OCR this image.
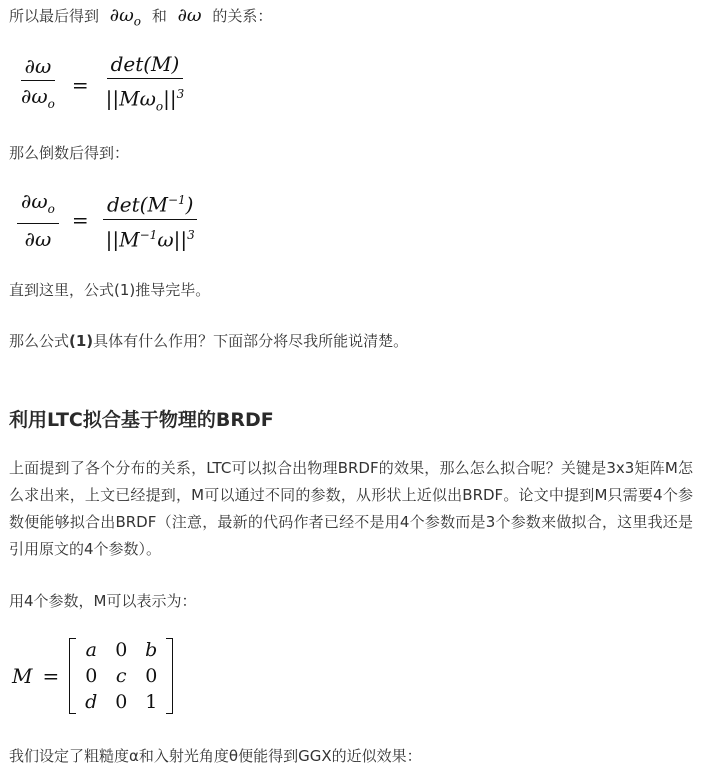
所以最后得到 $\partial\omega_o$ 和 ∂ω 的关系：

$\frac{\partial\omega}{\partial\omega_o} = \frac{\det(M)}{||M\omega_o||^3}$

那么倒数后得到：

$\frac{\partial\omega_o}{\partial\omega} = \frac{\det(M^{-1})}{||M^{-1}\omega||^3}$

直到这里，公式(1)推导完毕。

那么公式(1)具体有什么作用？下面部分将尽我所能说清楚。

利用LTC拟合基于物理的BRDF

上面提到了各个分布的关系，LTC可以拟合出物理BRDF的效果，那么怎么拟合呢？关键是3x3矩阵M怎么求出来，上文已经提到，M可以通过不同的参数，从形状上近似出BRDF。论文中提到M只需要4个参数便能够拟合出BRDF（注意，最新的代码作者已经不是用4个参数而是3个参数来做拟合，这里我还是引用原文的4个参数）。

用4个参数，M可以表示为：

M =
a 0 b
0 c 0
d 0 1

我们设定了粗糙度α和入射光角度θ便能得到GGX的近似效果：
